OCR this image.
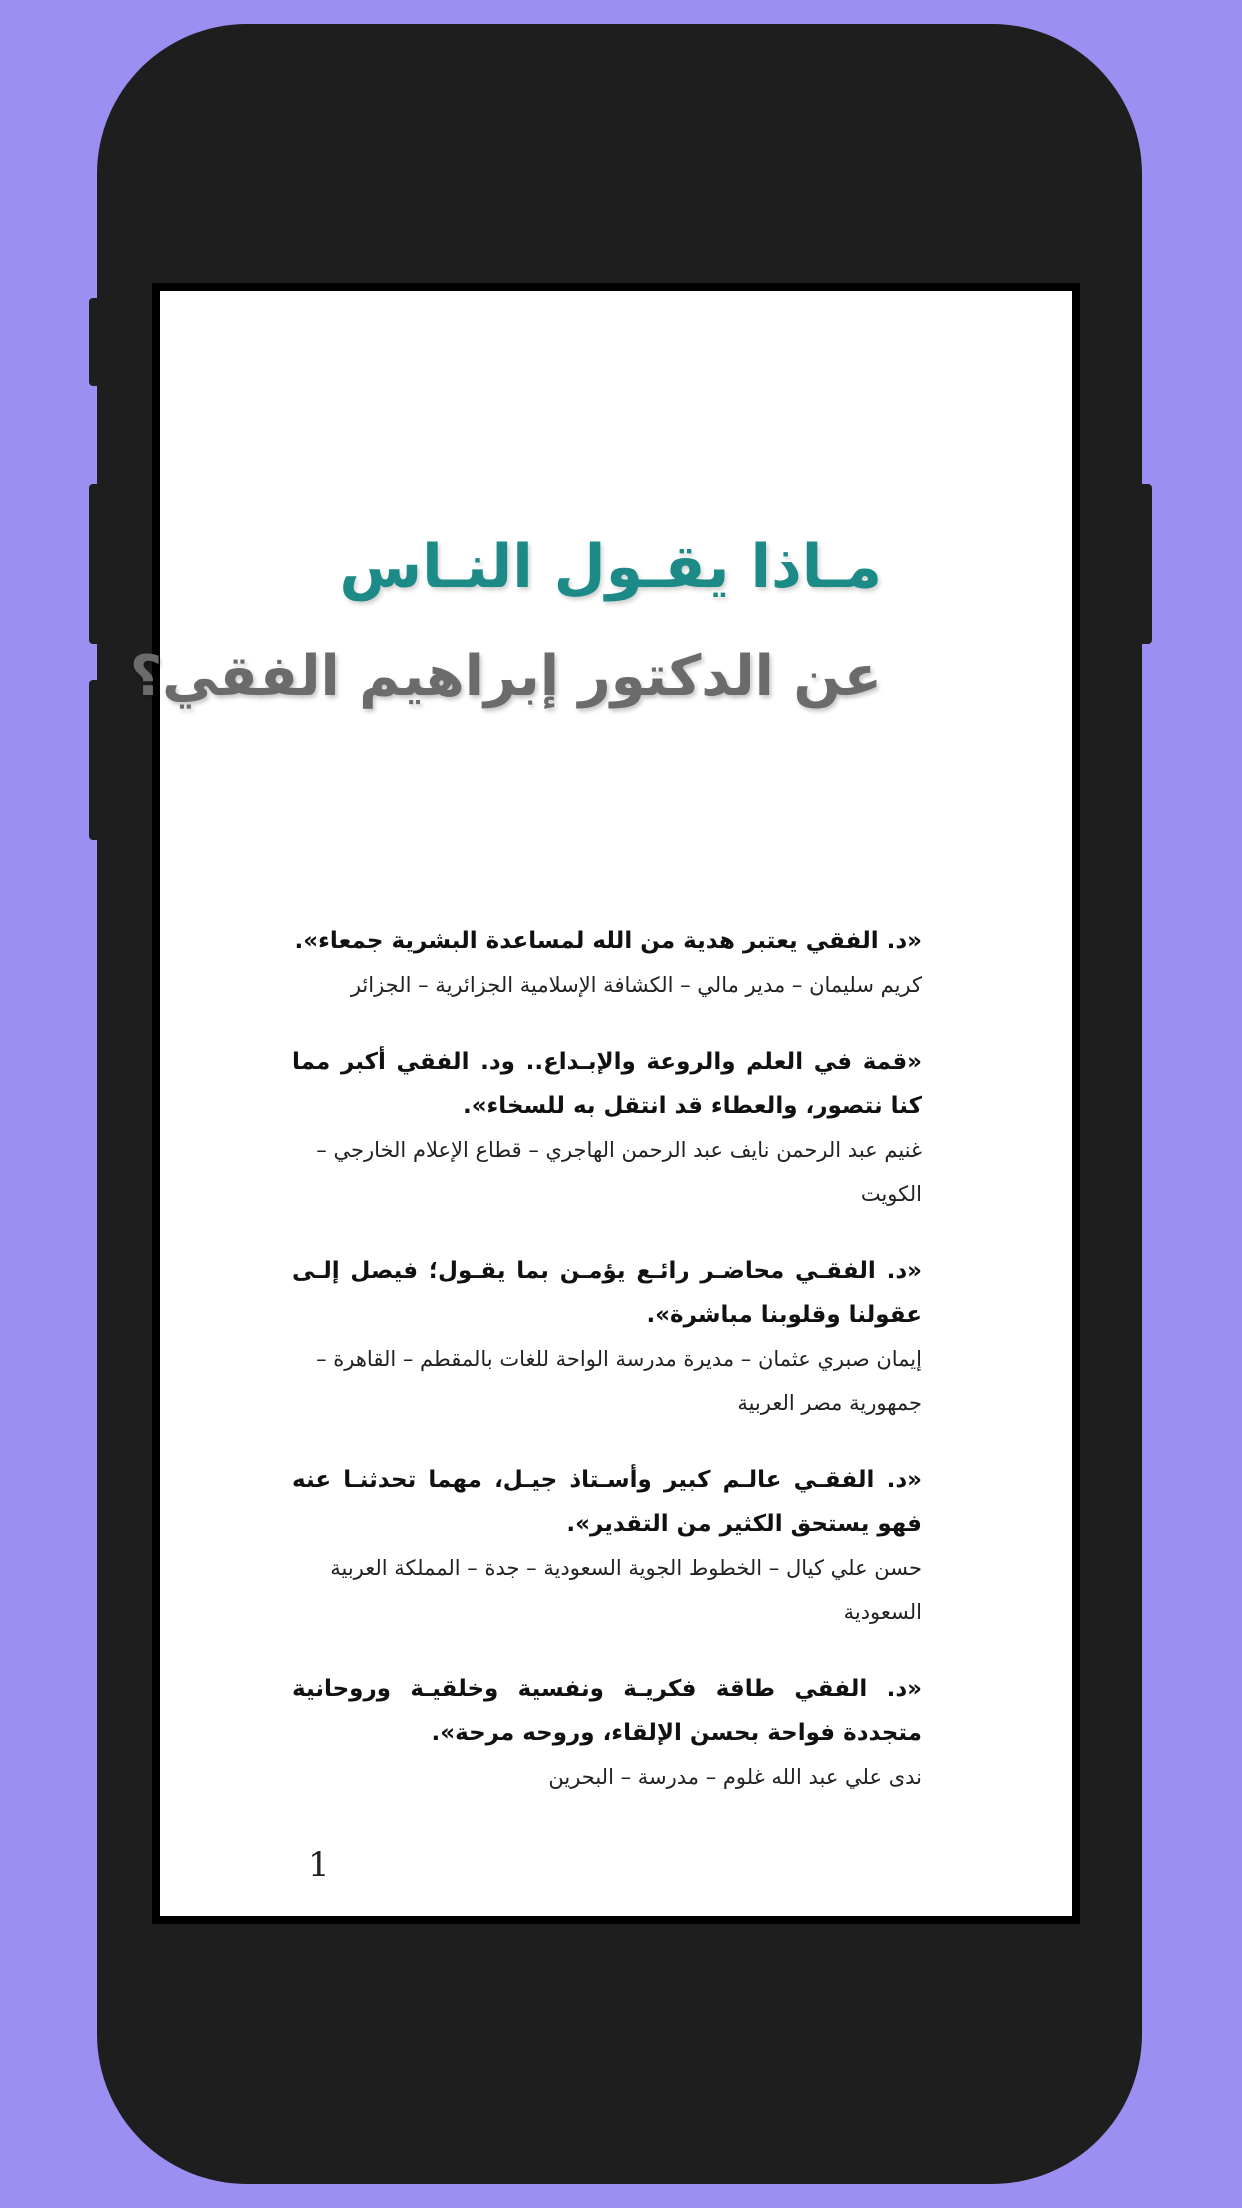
مـاذا يقـول النـاس
عن الدكتور إبراهيم الفقي؟

«د. الفقي يعتبر هدية من الله لمساعدة البشرية جمعاء».

كريم سليمان – مدير مالي – الكشافة الإسلامية الجزائرية – الجزائر

«قمة في العلم والروعة والإبـداع.. ود. الفقي أكبر مما كنا نتصور، والعطاء قد انتقل به للسخاء».

غنيم عبد الرحمن نايف عبد الرحمن الهاجري – قطاع الإعلام الخارجي – الكويت

«د. الفقـي محاضـر رائـع يؤمـن بما يقـول؛ فيصل إلـى عقولنا وقلوبنا مباشرة».

إيمان صبري عثمان – مديرة مدرسة الواحة للغات بالمقطم – القاهرة – جمهورية مصر العربية

«د. الفقـي عالـم كبير وأسـتاذ جيـل، مهما تحدثنـا عنه فهو يستحق الكثير من التقدير».

حسن علي كيال – الخطوط الجوية السعودية – جدة – المملكة العربية السعودية

«د. الفقي طاقة فكريـة ونفسية وخلقيـة وروحانية متجددة فواحة بحسن الإلقاء، وروحه مرحة».

ندى علي عبد الله غلوم – مدرسة – البحرين

1
